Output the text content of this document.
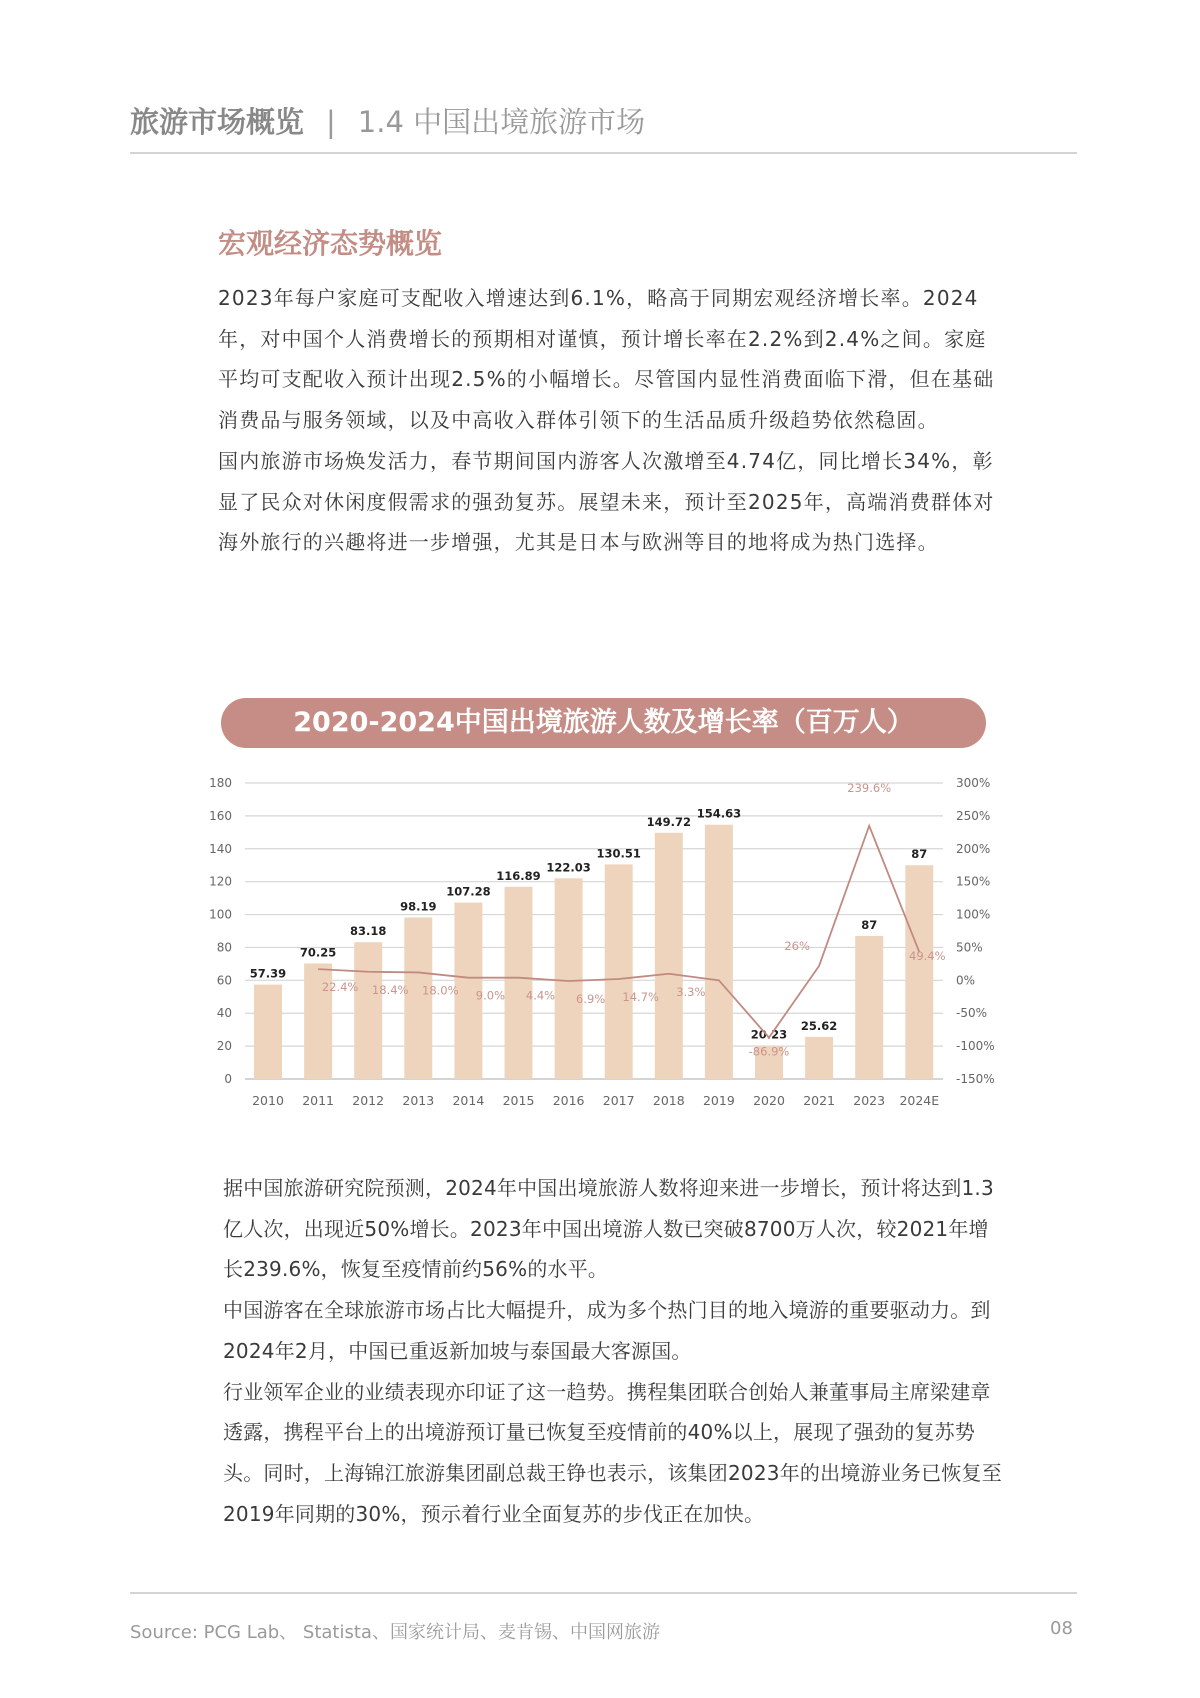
旅游市场概览 | 1.4 中国出境旅游市场
宏观经济态势概览

2023年每户家庭可支配收入增速达到6.1%，略高于同期宏观经济增长率。2024年，对中国个人消费增长的预期相对谨慎，预计增长率在2.2%到2.4%之间。家庭平均可支配收入预计出现2.5%的小幅增长。尽管国内显性消费面临下滑，但在基础消费品与服务领域，以及中高收入群体引领下的生活品质升级趋势依然稳固。

国内旅游市场焕发活力，春节期间国内游客人次激增至4.74亿，同比增长34%，彰显了民众对休闲度假需求的强劲复苏。展望未来，预计至2025年，高端消费群体对海外旅行的兴趣将进一步增强，尤其是日本与欧洲等目的地将成为热门选择。

2020-2024中国出境旅游人数及增长率（百万人）
0
20
40
60
80
100
120
140
160
180
-150%
-100%
-50%
0%
50%
100%
150%
200%
250%
300%
57.39
2010
70.25
2011
83.18
2012
98.19
2013
107.28
2014
116.89
2015
122.03
2016
130.51
2017
149.72
2018
154.63
2019
20.23
2020
25.62
2021
87
2023
87
2024E
22.4% 18.4% 18.0% 9.0% 4.4% 6.9% 14.7% 3.3%
-86.9%
26%
239.6%
49.4%

据中国旅游研究院预测，2024年中国出境旅游人数将迎来进一步增长，预计将达到1.3亿人次，出现近50%增长。2023年中国出境游人数已突破8700万人次，较2021年增长239.6%，恢复至疫情前约56%的水平。

中国游客在全球旅游市场占比大幅提升，成为多个热门目的地入境游的重要驱动力。到2024年2月，中国已重返新加坡与泰国最大客源国。

行业领军企业的业绩表现亦印证了这一趋势。携程集团联合创始人兼董事局主席梁建章透露，携程平台上的出境游预订量已恢复至疫情前的40%以上，展现了强劲的复苏势头。同时，上海锦江旅游集团副总裁王铮也表示，该集团2023年的出境游业务已恢复至2019年同期的30%，预示着行业全面复苏的步伐正在加快。

Source: PCG Lab、 Statista、国家统计局、麦肯锡、中国网旅游	08
